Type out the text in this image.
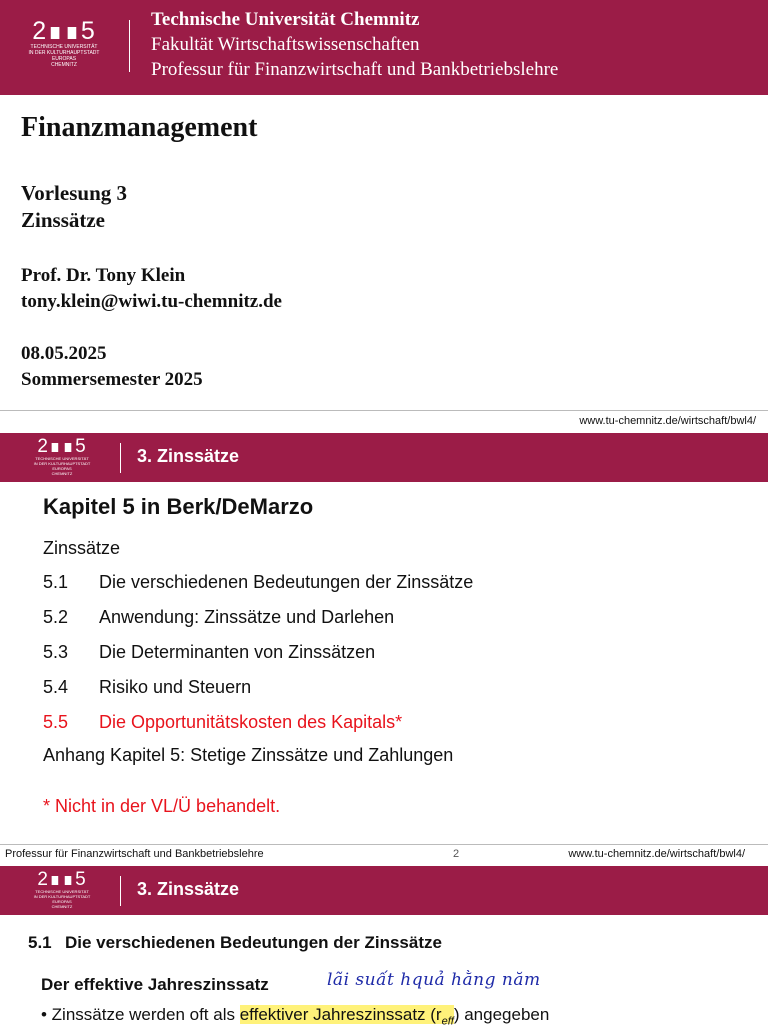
2∎∎5
TECHNISCHE UNIVERSITÄT
IN DER KULTURHAUPTSTADT EUROPAS
CHEMNITZ
Technische Universität Chemnitz
Fakultät Wirtschaftswissenschaften
Professur für Finanzwirtschaft und Bankbetriebslehre
Finanzmanagement
Vorlesung 3
Zinssätze
Prof. Dr. Tony Klein
tony.klein@wiwi.tu-chemnitz.de
08.05.2025
Sommersemester 2025
www.tu-chemnitz.de/wirtschaft/bwl4/
2∎∎5
TECHNISCHE UNIVERSITÄT
IN DER KULTURHAUPTSTADT EUROPAS
CHEMNITZ
3. Zinssätze
Kapitel 5 in Berk/DeMarzo
Zinssätze
5.1 Die verschiedenen Bedeutungen der Zinssätze
5.2 Anwendung: Zinssätze und Darlehen
5.3 Die Determinanten von Zinssätzen
5.4 Risiko und Steuern
5.5 Die Opportunitätskosten des Kapitals*
Anhang Kapitel 5: Stetige Zinssätze und Zahlungen
* Nicht in der VL/Ü behandelt.
Professur für Finanzwirtschaft und Bankbetriebslehre	2	www.tu-chemnitz.de/wirtschaft/bwl4/
2∎∎5
TECHNISCHE UNIVERSITÄT
IN DER KULTURHAUPTSTADT EUROPAS
CHEMNITZ
3. Zinssätze
5.1 Die verschiedenen Bedeutungen der Zinssätze
Der effektive Jahreszinssatz	lãi suất hquả hằng năm
• Zinssätze werden oft als effektiver Jahreszinssatz $(r_{eff})$ angegeben
